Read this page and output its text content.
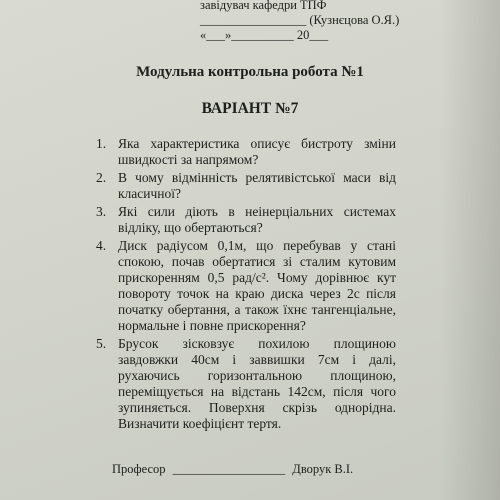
завідувач кафедри ТПФ
_________________ (Кузнєцова О.Я.)
«___»__________ 20___
Модульна контрольна робота №1
ВАРІАНТ №7
1. Яка характеристика описує бистроту зміни швидкості за напрямом?
2. В чому відмінність релятивістської маси від класичної?
3. Які сили діють в неінерціальних системах відліку, що обертаються?
4. Диск радіусом 0,1м, що перебував у стані спокою, почав обертатися зі сталим кутовим прискоренням 0,5 рад/с². Чому дорівнює кут повороту точок на краю диска через 2с після початку обертання, а також їхнє тангенціальне, нормальне і повне прискорення?
5. Брусок зісковзує похилою площиною завдовжки 40см і заввишки 7см і далі, рухаючись горизонтальною площиною, переміщується на відстань 142см, після чого зупиняється. Поверхня скрізь однорідна. Визначити коефіцієнт тертя.
Професор __________________ Дворук В.І.
